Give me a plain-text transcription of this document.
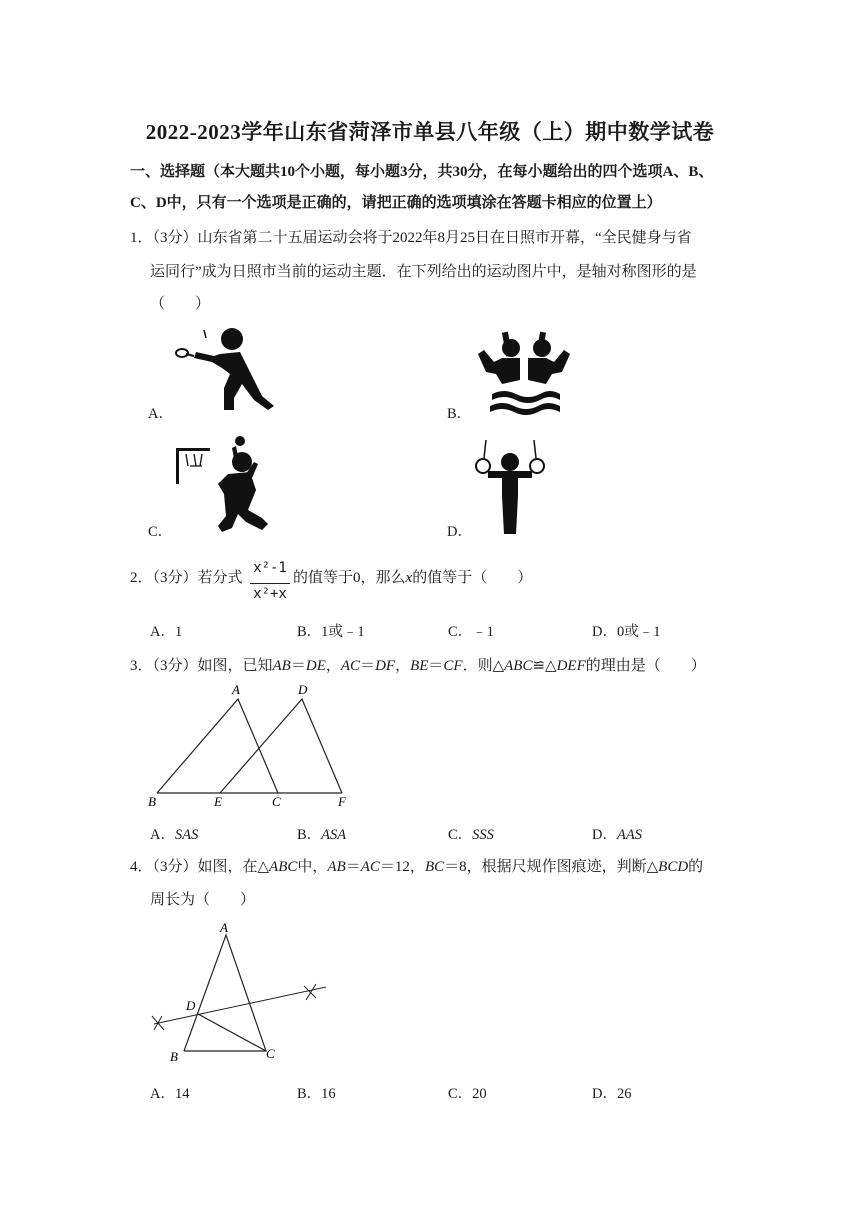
2022-2023学年山东省菏泽市单县八年级（上）期中数学试卷
一、选择题（本大题共10个小题，每小题3分，共30分，在每小题给出的四个选项A、B、
C、D中，只有一个选项是正确的，请把正确的选项填涂在答题卡相应的位置上）
1．（3分）山东省第二十五届运动会将于2022年8月25日在日照市开幕，“全民健身与省
运同行”成为日照市当前的运动主题．在下列给出的运动图片中，是轴对称图形的是
（　　）
A．	B．
C．	D．
2．（3分）若分式
x²-1
x²+x
的值等于0，那么x的值等于（　　）
A．1	B．1或﹣1	C．﹣1	D．0或﹣1
3．（3分）如图，已知AB＝DE，AC＝DF，BE＝CF．则△ABC≌△DEF的理由是（　　）
A	D
B	E	C	F
A．SAS	B．ASA	C．SSS	D．AAS
4．（3分）如图，在△ABC中，AB＝AC＝12，BC＝8，根据尺规作图痕迹，判断△BCD的
周长为（　　）
A
D
B	C
A．14	B．16	C．20	D．26
